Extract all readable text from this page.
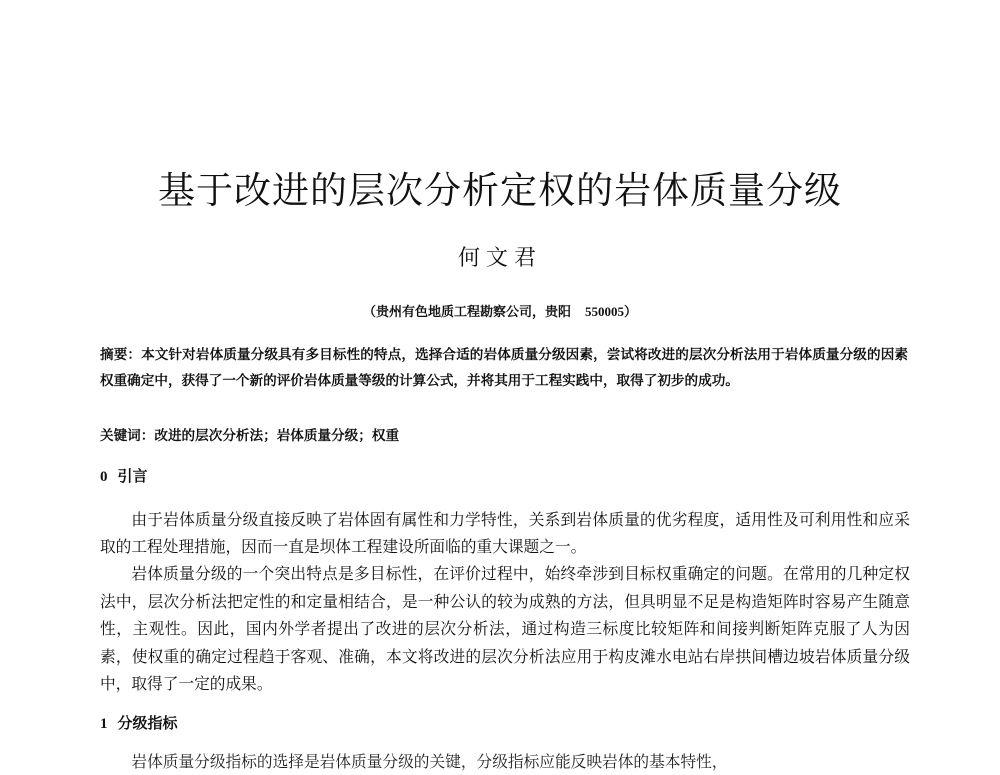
基于改进的层次分析定权的岩体质量分级
何文君
（贵州有色地质工程勘察公司，贵阳 550005）
摘要：本文针对岩体质量分级具有多目标性的特点，选择合适的岩体质量分级因素，尝试将改进的层次分析法用于岩体质量分级的因素权重确定中，获得了一个新的评价岩体质量等级的计算公式，并将其用于工程实践中，取得了初步的成功。
关键词：改进的层次分析法；岩体质量分级；权重
0 引言
由于岩体质量分级直接反映了岩体固有属性和力学特性，关系到岩体质量的优劣程度，适用性及可利用性和应采取的工程处理措施，因而一直是坝体工程建设所面临的重大课题之一。
岩体质量分级的一个突出特点是多目标性，在评价过程中，始终牵涉到目标权重确定的问题。在常用的几种定权法中，层次分析法把定性的和定量相结合，是一种公认的较为成熟的方法，但具明显不足是构造矩阵时容易产生随意性，主观性。因此，国内外学者提出了改进的层次分析法，通过构造三标度比较矩阵和间接判断矩阵克服了人为因素，使权重的确定过程趋于客观、准确，本文将改进的层次分析法应用于构皮滩水电站右岸拱间槽边坡岩体质量分级中，取得了一定的成果。
1 分级指标
岩体质量分级指标的选择是岩体质量分级的关键，分级指标应能反映岩体的基本特性，
